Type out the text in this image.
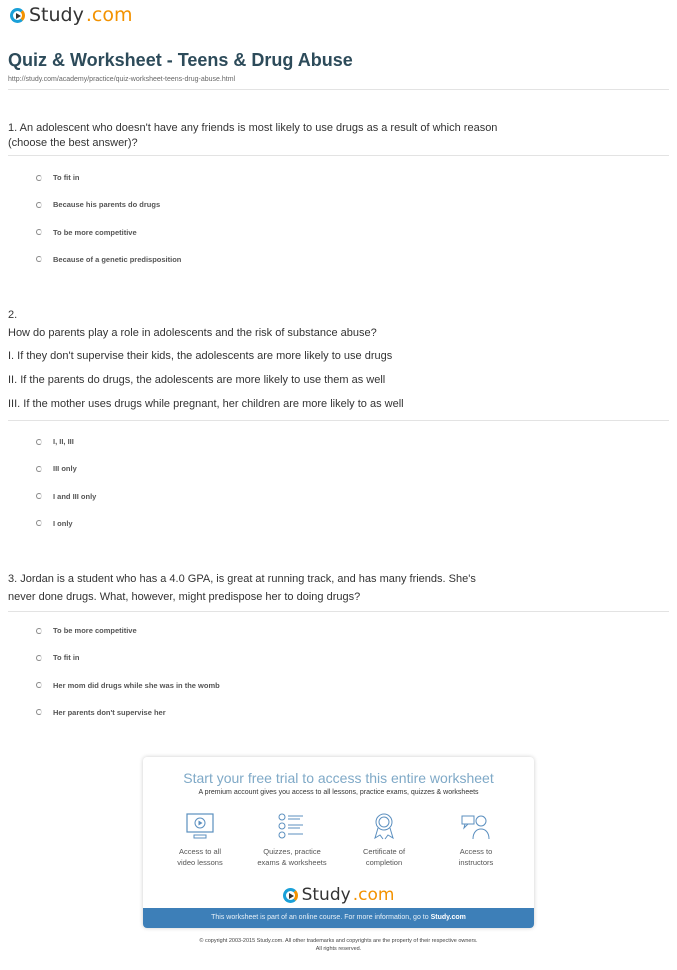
Study .com
Quiz & Worksheet - Teens & Drug Abuse
http://study.com/academy/practice/quiz-worksheet-teens-drug-abuse.html
1. An adolescent who doesn't have any friends is most likely to use drugs as a result of which reason
(choose the best answer)?
To fit in
Because his parents do drugs
To be more competitive
Because of a genetic predisposition
2.
How do parents play a role in adolescents and the risk of substance abuse?
I. If they don't supervise their kids, the adolescents are more likely to use drugs
II. If the parents do drugs, the adolescents are more likely to use them as well
III. If the mother uses drugs while pregnant, her children are more likely to as well
I, II, III
III only
I and III only
I only
3. Jordan is a student who has a 4.0 GPA, is great at running track, and has many friends. She's
never done drugs. What, however, might predispose her to doing drugs?
To be more competitive
To fit in
Her mom did drugs while she was in the womb
Her parents don't supervise her
Start your free trial to access this entire worksheet
A premium account gives you access to all lessons, practice exams, quizzes & worksheets
Access to all
video lessons
Quizzes, practice
exams & worksheets
Certificate of
completion
Access to
instructors
Study .com
This worksheet is part of an online course. For more information, go to Study.com
© copyright 2003-2015 Study.com. All other trademarks and copyrights are the property of their respective owners.
All rights reserved.
